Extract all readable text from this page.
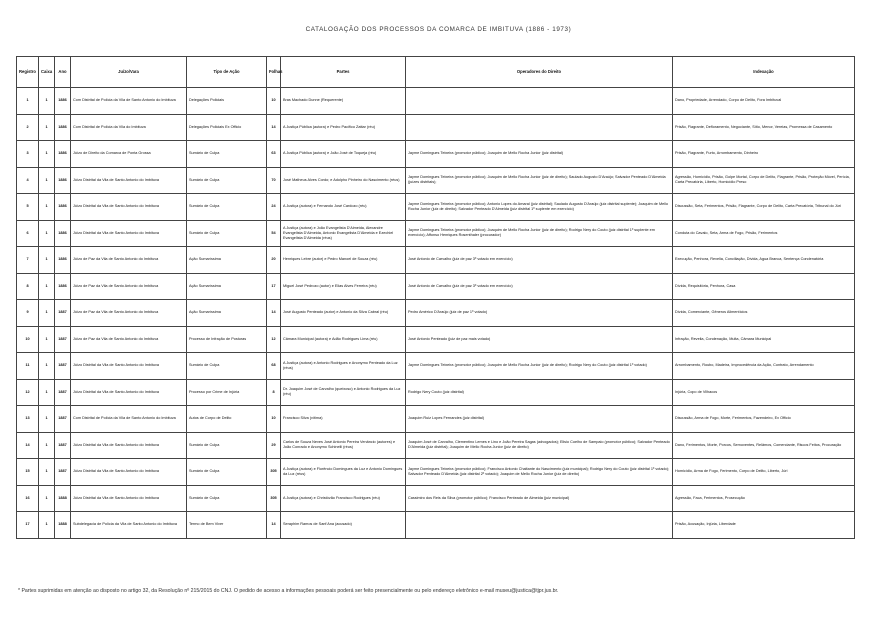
CATALOGAÇÃO DOS PROCESSOS DA COMARCA DE IMBITUVA (1886 - 1973)
Registro	Caixa	Ano	Juízo/Vara	Tipo de Ação	Folhas	Partes	Operadores do Direito	Indexação
1	1	1886	Com Distrital de Polícia da Vila de Santo Antonio do Imbituva	Delegações Policiais	10	Bras Machado Dunne (Requerente)		Dano, Propriedade, Arrendado, Corpo de Delito, Fora Imbituval
2	1	1886	Com Distrital de Polícia da Vila do Imbituva	Delegações Policiais Ex Officio	14	A Justiça Pública (autora) e Pedro Pacífico Zattar (réu)		Prisão, Flagrante, Defloramento, Negociante, Sítio, Menor, Vereias, Promessa de Casamento
3	1	1886	Júízo de Direito da Comarca de Ponta Grossa	Sumário de Culpa	63	A Justiça Pública (autora) e João José de Toqueja (réu)	Jayme Domingues Teixeira (promotor público); Joaquim de Mello Rocha Junior (juiz distrital)	Prisão, Flagrante, Furto, Arrombamento, Dinheiro
4	1	1886	Júízo Distrital da Vila de Santo Antonio do Imbituva	Sumário de Culpa	70	José Matheus Alves Cordo; e Adolpho Pinheiro do Nascimento (réus)	Jayme Domingues Teixeira (promotor público); Joaquim de Mello Rocha Junior (juiz de direito); Saulado Augusto D'Araújo; Salvador Penteado D'Almeida (juízes distritais);	Agressão, Homicídio, Prisão, Golpe Mortal, Corpo de Delito, Flagrante, Prisão, Proteção Móvel, Perícia, Carta Precatória, Liberto, Homicídio Preso
5	1	1886	Júízo Distrital da Vila de Santo Antonio do Imbituva	Sumário de Culpa	24	A Justiça (autora) e Fernando José Cardozo (réu)	Jayme Domingues Teixeira (promotor público); Antonio Lopes do Amaral (juiz distrital); Saulado Augusto D'Araújo (juiz distrital suplente); Joaquim de Mello Rocha Junior (juiz de direito); Salvador Penteado D'Almeida (juiz distrital 1º suplente em exercício)	Discussão, Seta, Ferimentos, Prisão, Flagrante, Corpo de Delito, Carta Precatória, Tribunal do Júri
6	1	1886	Júízo Distrital da Vila de Santo Antonio do Imbituva	Sumário de Culpa	54	A Justiça (autora) e João Evangelista D'Almeida, Alexandre Evangelista D'Almeida, Antonio Evangelista D'Almeida e Ezechiel Evangelista D'Almeida (réus)	Jayme Domingues Teixeira (promotor público); Joaquim de Mello Rocha Junior (juiz de direito); Rodrigo Nery do Couto (juiz distrital 1º suplente em exercício); Affonso Henriques Rosenthaler (procurador)	Conduta do Cavalo, Seta, Arma de Fogo, Prisão, Ferimentos
7	1	1886	Júízo de Paz da Vila de Santo Antonio do Imbituva	Ação Sumaríssima	20	Henriques Lebre (autor) e Pedro Manoel de Souza (réu)	José Antonio de Carvalho (juiz de paz 3º votado em exercício)	Execução, Penhora, Revelia, Conciliação, Dívida, Agua Branca, Sentença Condenatória
8	1	1886	Júízo de Paz da Vila de Santo Antonio do Imbituva	Ação Sumaríssima	17	Miguel José Pedrozo (autor) e Elias Alves Ferreira (réu)	José Antonio de Carvalho (juiz de paz 3º votado em exercício)	Dívida, Requisitória, Penhora, Casa
9	1	1887	Júízo de Paz da Vila de Santo Antonio do Imbituva	Ação Sumaríssima	14	José Augusto Penteado (autor) e Antonio da Silva Cabral (réu)	Pedro Américo D'Araújo (juiz de paz 1º votado)	Dívida, Comerciante, Gêneros Alimentícios
10	1	1887	Júízo de Paz da Vila de Santo Antonio do Imbituva	Processo de Infração de Posturas	12	Câmara Municipal (autora) e Adão Rodrigues Lima (réu)	José Antonio Penteado (juiz de paz mais votado)	Infração, Revelia, Condenação, Multa, Câmara Municipal
11	1	1887	Júízo Distrital da Vila de Santo Antonio do Imbituva	Sumário de Culpa	68	A Justiça (autora) e Antonio Rodrigues e Anonymo Penteado da Luz (réus)	Jayme Domingues Teixeira (promotor público); Joaquim de Mello Rocha Junior (juiz de direito); Rodrigo Nery do Couto (juiz distrital 1º votado)	Arrombamento, Roubo, Madeira, Improcedência da Ação, Contrato, Arrendamento
12	1	1887	Júízo Distrital da Vila de Santo Antonio do Imbituva	Processo por Crime de Injúria	8	Dr. Joaquim José de Carvalho (queixoso) e Antonio Rodrigues da Luz (réu)	Rodrigo Nery Couto (juiz distrital)	Injúria, Copo de Vilhacos
13	1	1887	Com Distrital de Polícia da Vila de Santo Antonio do Imbituva	Autos de Corpo de Delito	10	Francisco Silva (vítima)	Joaquim Ruiz Lopes Fernandes (juiz distrital)	Discussão, Arma de Fogo, Morte, Ferimentos, Fazendeiro, Ex Officio
14	1	1887	Júízo Distrital da Vila de Santo Antonio do Imbituva	Sumário de Culpa	29	Carlos de Souza Neves José Antonio Pereira Venâncio (autores) e João Conrado e Anonymo Schinelli (réus)	Joaquim José de Carvalho, Clementino Lemes e Lino e João Pereira Sagas (advogados); Elisio Coelho de Sampaio (promotor público); Salvador Penteado D'Almeida (juiz distrital); Joaquim de Mello Rocha Junior (juiz de direito)	Dano, Ferimentos, Morte, Porcos, Semoventes, Relâmos, Comerciante, Riscos Feitos, Procuração
15	1	1887	Júízo Distrital da Vila de Santo Antonio do Imbituva	Sumário de Culpa	305	A Justiça (autora) e Florêncio Domingues da Luz e Antonio Domingues da Luz (réus)	Jayme Domingues Teixeira (promotor público); Francisco Antonio Chaltante do Nascimento (juiz municipal); Rodrigo Nery do Couto (juiz distrital 1º votado); Salvador Penteado D'Almeida (juiz distrital 2º votado); Joaquim de Mello Rocha Junior (juiz de direito)	Homicídio, Arma de Fogo, Ferimento, Corpo de Delito, Liberto, Júri
16	1	1888	Júízo Distrital da Vila de Santo Antonio do Imbituva	Sumário de Culpa	305	A Justiça (autora) e Christóvão Francisco Rodrigues (réu)	Cassimiro dos Reis da Silva (promotor público); Francisco Penteado de Almeida (juiz municipal)	Agressão, Faca, Ferimentos, Prosecução
17	1	1888	Subdelegacia de Polícia da Vila de Santo Antonio do Imbituva	Termo de Bem Viver	14	Seraphim Ramos de Sant'Ana (acusado)		Prisão, Acusação, Injúria, Liberdade
* Partes suprimidas em atenção ao disposto no artigo 32, da Resolução nº 215/2015 do CNJ. O pedido de acesso a informações pessoais poderá ser feito presencialmente ou pelo endereço eletrônico e-mail museu@justica@tjpr.jus.br.
